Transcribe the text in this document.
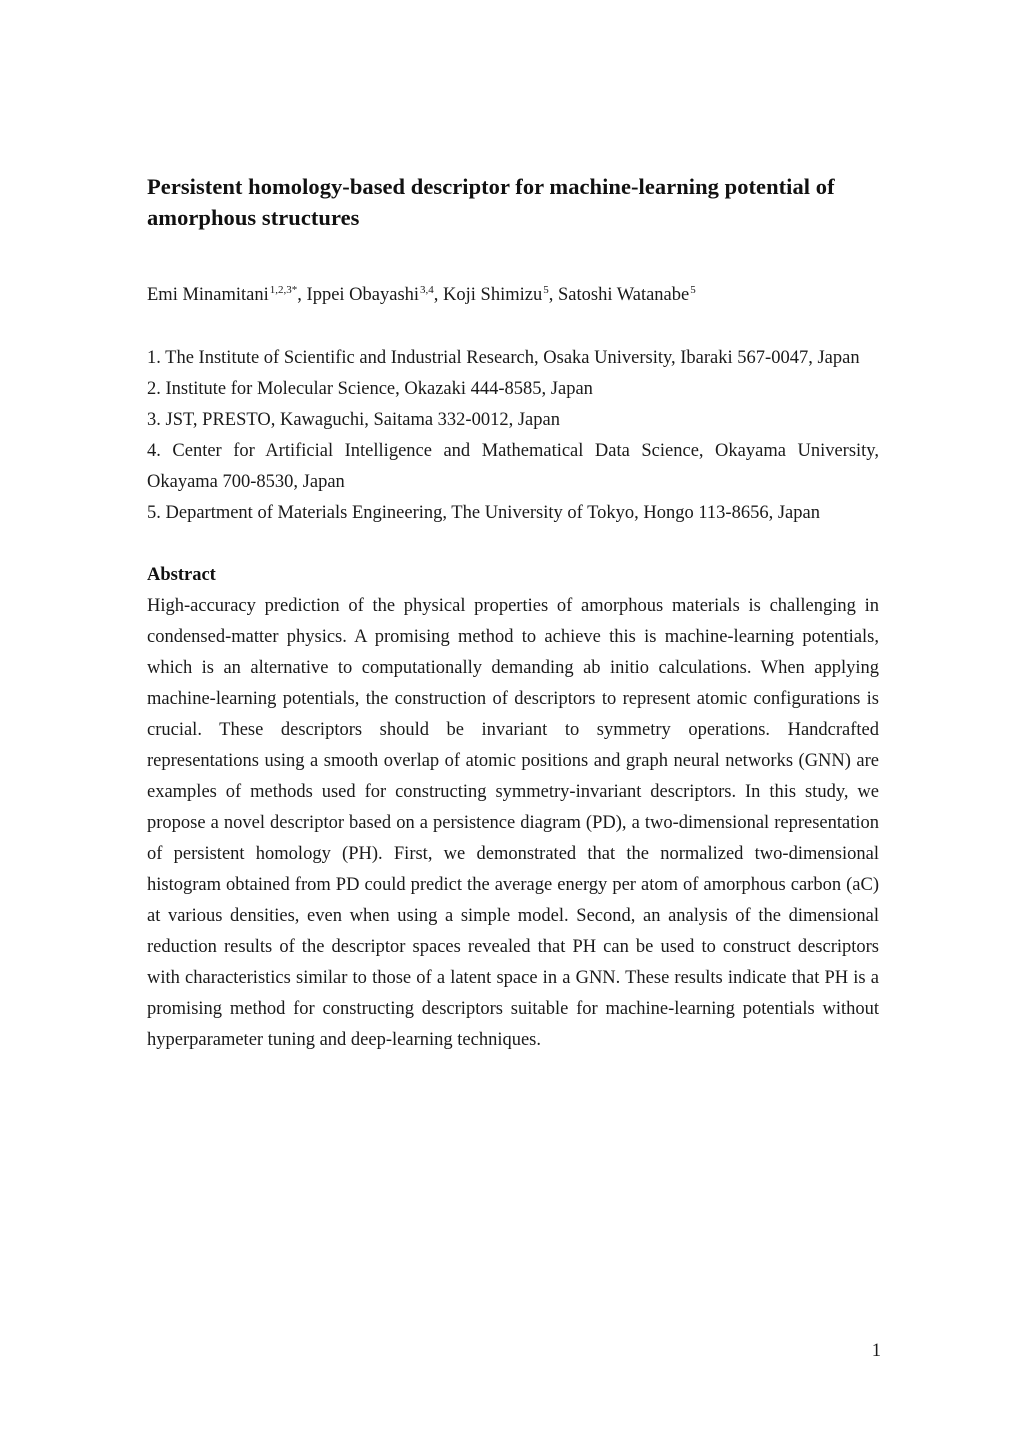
Persistent homology-based descriptor for machine-learning potential of amorphous structures
Emi Minamitani$^{1,2,3*}$, Ippei Obayashi$^{3,4}$, Koji Shimizu$^5$, Satoshi Watanabe$^5$
1. The Institute of Scientific and Industrial Research, Osaka University, Ibaraki 567-0047, Japan
2. Institute for Molecular Science, Okazaki 444-8585, Japan
3. JST, PRESTO, Kawaguchi, Saitama 332-0012, Japan
4. Center for Artificial Intelligence and Mathematical Data Science, Okayama University, Okayama 700-8530, Japan
5. Department of Materials Engineering, The University of Tokyo, Hongo 113-8656, Japan
Abstract

High-accuracy prediction of the physical properties of amorphous materials is challenging in condensed-matter physics. A promising method to achieve this is machine-learning potentials, which is an alternative to computationally demanding ab initio calculations. When applying machine-learning potentials, the construction of descriptors to represent atomic configurations is crucial. These descriptors should be invariant to symmetry operations. Handcrafted representations using a smooth overlap of atomic positions and graph neural networks (GNN) are examples of methods used for constructing symmetry-invariant descriptors. In this study, we propose a novel descriptor based on a persistence diagram (PD), a two-dimensional representation of persistent homology (PH). First, we demonstrated that the normalized two-dimensional histogram obtained from PD could predict the average energy per atom of amorphous carbon (aC) at various densities, even when using a simple model. Second, an analysis of the dimensional reduction results of the descriptor spaces revealed that PH can be used to construct descriptors with characteristics similar to those of a latent space in a GNN. These results indicate that PH is a promising method for constructing descriptors suitable for machine-learning potentials without hyperparameter tuning and deep-learning techniques.

1
